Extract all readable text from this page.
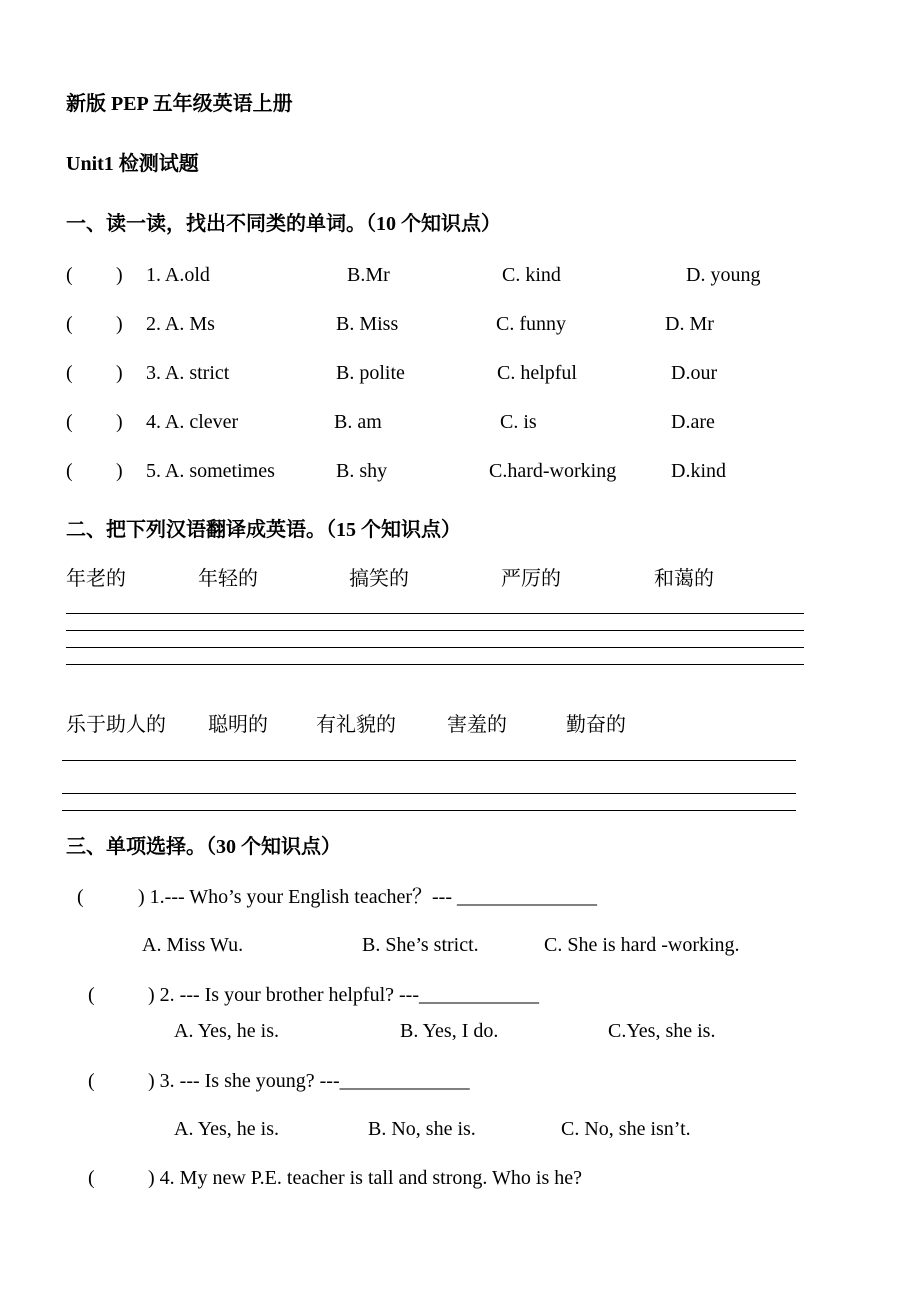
新版 PEP 五年级英语上册
Unit1 检测试题
一、读一读，找出不同类的单词。（10 个知识点）
( ) 1. A.old	B.Mr	C. kind	D. young
( ) 2. A. Ms	B. Miss	C. funny	D. Mr
( ) 3. A. strict	B. polite	C. helpful	D.our
( ) 4. A. clever	B. am	C. is	D.are
( ) 5. A. sometimes	B. shy	C.hard-working	D.kind
二、把下列汉语翻译成英语。（15 个知识点）
年老的	年轻的	搞笑的	严厉的	和蔼的
乐于助人的 聪明的 有礼貌的	害羞的	勤奋的
三、单项选择。（30 个知识点）
(	) 1.--- Who’s your English teacher？--- ______________
A. Miss Wu.	B. She’s strict.	C. She is hard -working.
(	) 2. --- Is your brother helpful? ---____________
A. Yes, he is.	B. Yes, I do.	C.Yes, she is.
(	) 3. --- Is she young? ---_____________
A. Yes, he is.	B. No, she is.	C. No, she isn’t.
(	) 4. My new P.E. teacher is tall and strong. Who is he?
